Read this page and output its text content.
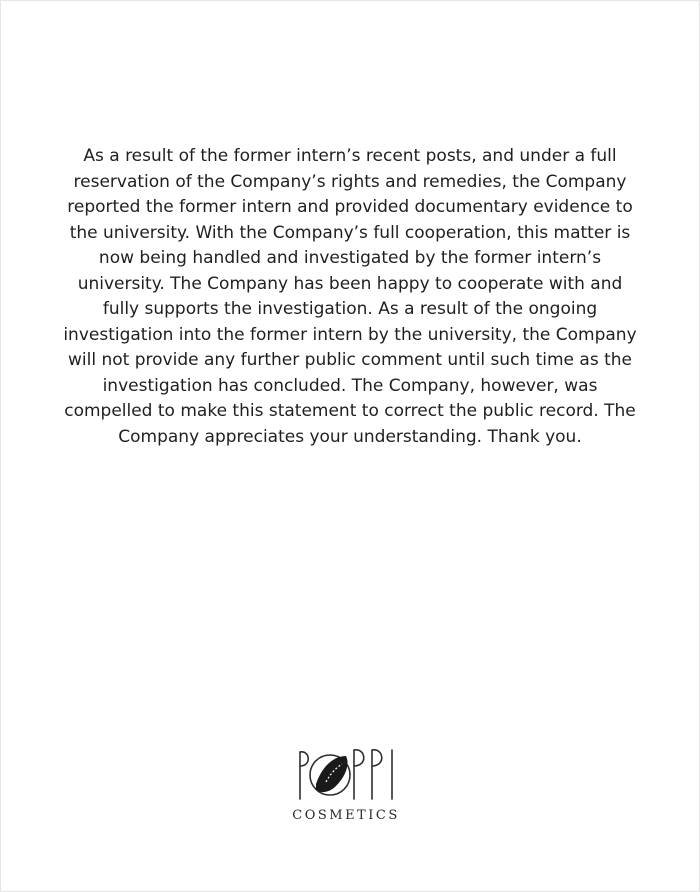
As a result of the former intern’s recent posts, and under a full reservation of the Company’s rights and remedies, the Company reported the former intern and provided documentary evidence to the university. With the Company’s full cooperation, this matter is now being handled and investigated by the former intern’s university. The Company has been happy to cooperate with and fully supports the investigation. As a result of the ongoing investigation into the former intern by the university, the Company will not provide any further public comment until such time as the investigation has concluded. The Company, however, was compelled to make this statement to correct the public record. The Company appreciates your understanding. Thank you.

COSMETICS
